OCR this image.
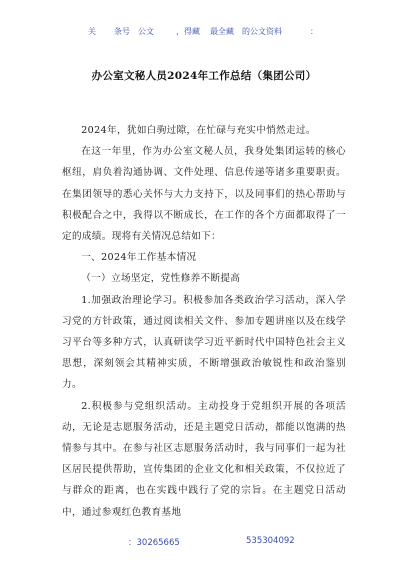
关 条号 公文	， 得藏 最全藏 的公文资料	：
办公室文秘人员2024年工作总结（集团公司）

2024年，犹如白驹过隙，在忙碌与充实中悄然走过。

在这一年里，作为办公室文秘人员，我身处集团运转的核心枢纽，肩负着沟通协调、文件处理、信息传递等诸多重要职责。在集团领导的悉心关怀与大力支持下，以及同事们的热心帮助与积极配合之中，我得以不断成长，在工作的各个方面都取得了一定的成绩。现将有关情况总结如下：

一、2024年工作基本情况

（一）立场坚定，党性修养不断提高

1.加强政治理论学习。积极参加各类政治学习活动，深入学习党的方针政策，通过阅读相关文件、参加专题讲座以及在线学习平台等多种方式，认真研读学习近平新时代中国特色社会主义思想，深刻领会其精神实质，不断增强政治敏锐性和政治鉴别力。

2.积极参与党组织活动。主动投身于党组织开展的各项活动，无论是志愿服务活动，还是主题党日活动，都能以饱满的热情参与其中。在参与社区志愿服务活动时，我与同事们一起为社区居民提供帮助，宣传集团的企业文化和相关政策，不仅拉近了与群众的距离，也在实践中践行了党的宗旨。在主题党日活动中，通过参观红色教育基地

：30265665	535304092
